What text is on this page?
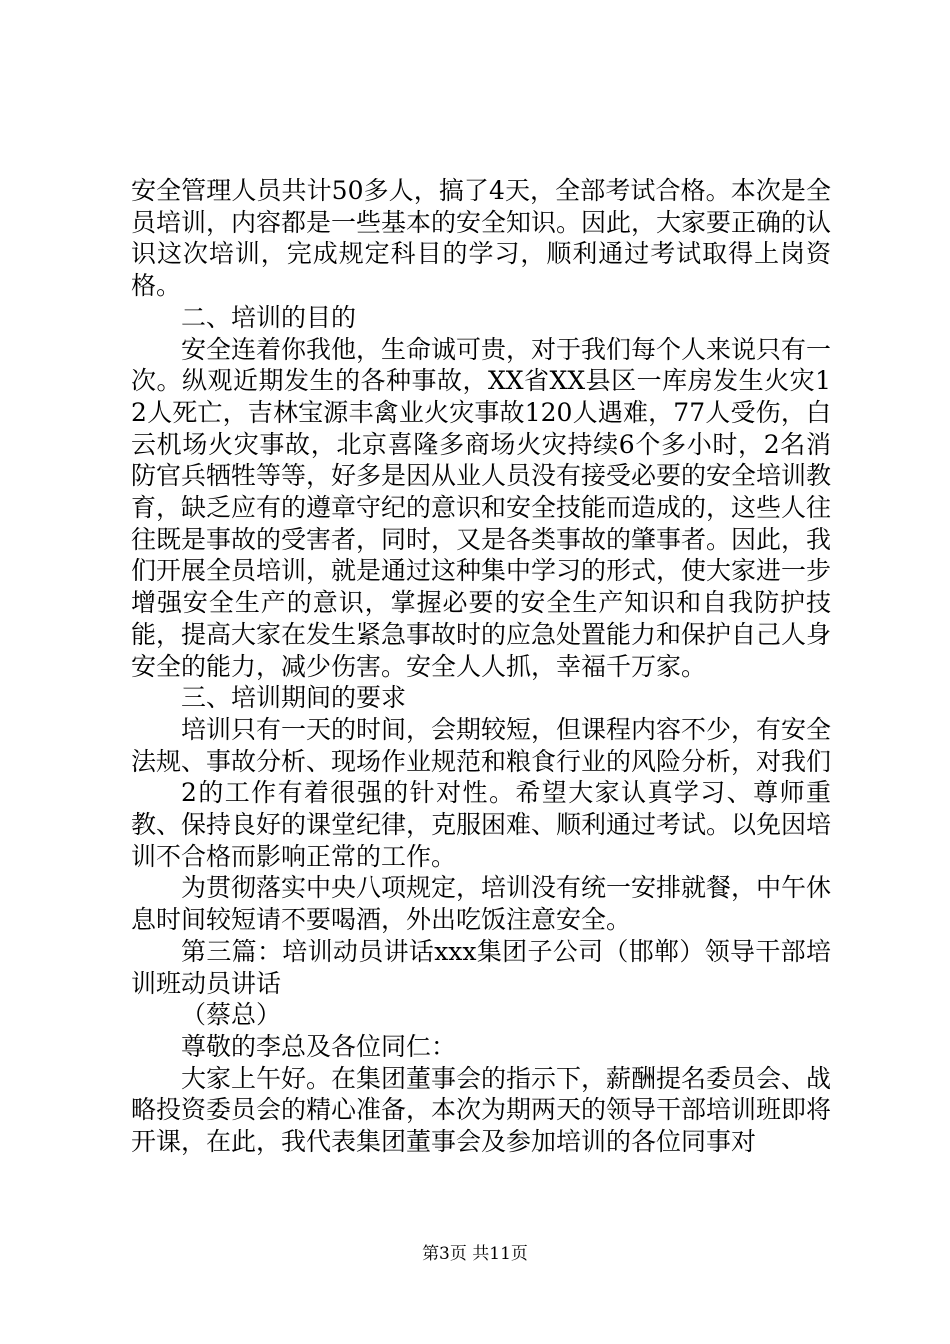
安全管理人员共计50多人，搞了4天，全部考试合格。本次是全员培训，内容都是一些基本的安全知识。因此，大家要正确的认识这次培训，完成规定科目的学习，顺利通过考试取得上岗资格。

二、培训的目的

安全连着你我他，生命诚可贵，对于我们每个人来说只有一次。纵观近期发生的各种事故，XX省XX县区一库房发生火灾12人死亡，吉林宝源丰禽业火灾事故120人遇难，77人受伤，白云机场火灾事故，北京喜隆多商场火灾持续6个多小时，2名消防官兵牺牲等等，好多是因从业人员没有接受必要的安全培训教育，缺乏应有的遵章守纪的意识和安全技能而造成的，这些人往往既是事故的受害者，同时，又是各类事故的肇事者。因此，我们开展全员培训，就是通过这种集中学习的形式，使大家进一步增强安全生产的意识，掌握必要的安全生产知识和自我防护技能，提高大家在发生紧急事故时的应急处置能力和保护自己人身安全的能力，减少伤害。安全人人抓，幸福千万家。

三、培训期间的要求

培训只有一天的时间，会期较短，但课程内容不少，有安全法规、事故分析、现场作业规范和粮食行业的风险分析，对我们

2的工作有着很强的针对性。希望大家认真学习、尊师重教、保持良好的课堂纪律，克服困难、顺利通过考试。以免因培训不合格而影响正常的工作。

为贯彻落实中央八项规定，培训没有统一安排就餐，中午休息时间较短请不要喝酒，外出吃饭注意安全。

第三篇：培训动员讲话xxx集团子公司（邯郸）领导干部培训班动员讲话

（蔡总）

尊敬的李总及各位同仁：

大家上午好。在集团董事会的指示下，薪酬提名委员会、战略投资委员会的精心准备，本次为期两天的领导干部培训班即将开课，在此，我代表集团董事会及参加培训的各位同事对

第3页 共11页
